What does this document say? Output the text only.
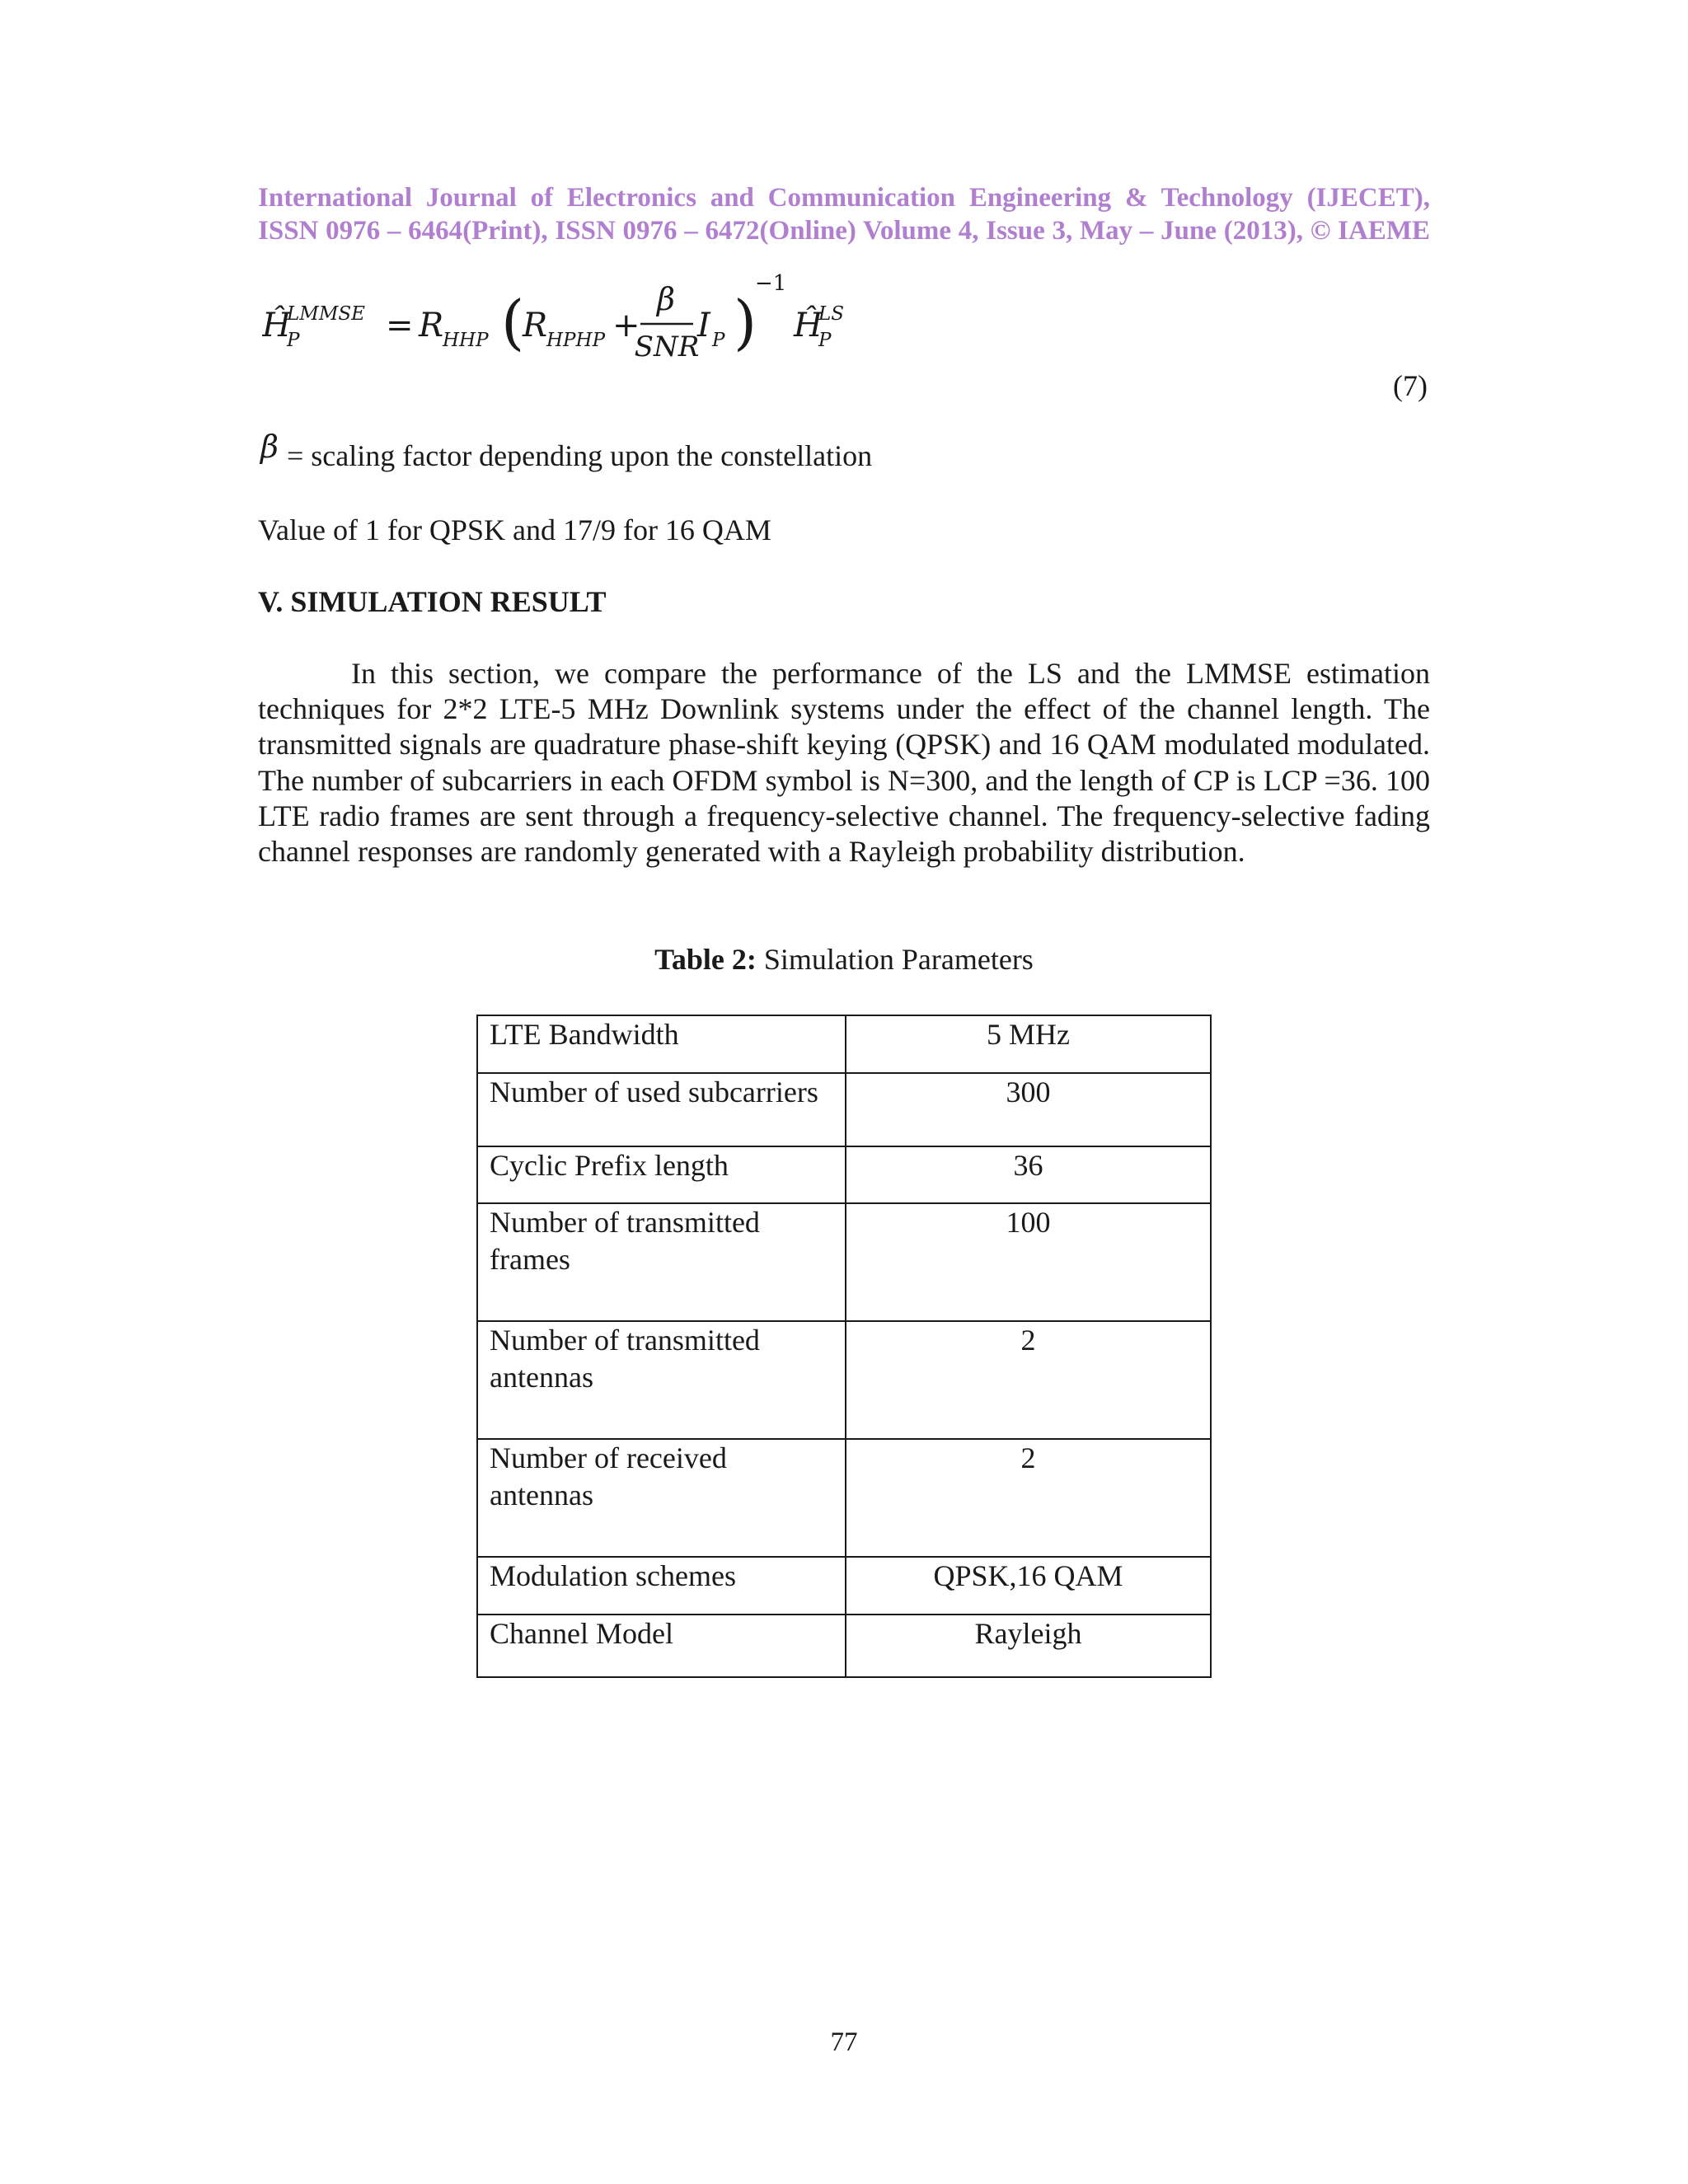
International Journal of Electronics and Communication Engineering & Technology (IJECET),
ISSN 0976 – 6464(Print), ISSN 0976 – 6472(Online) Volume 4, Issue 3, May – June (2013), © IAEME
Ĥ
LMMSE
P	= R
HHP (
R
HPHP +
β
SNR
I P )
−1
Ĥ
LS
P
(7)
β = scaling factor depending upon the constellation
Value of 1 for QPSK and 17/9 for 16 QAM
V. SIMULATION RESULT
In this section, we compare the performance of the LS and the LMMSE estimation techniques for 2*2 LTE-5 MHz Downlink systems under the effect of the channel length. The transmitted signals are quadrature phase-shift keying (QPSK) and 16 QAM modulated modulated. The number of subcarriers in each OFDM symbol is N=300, and the length of CP is LCP =36. 100 LTE radio frames are sent through a frequency-selective channel. The frequency-selective fading channel responses are randomly generated with a Rayleigh probability distribution.
Table 2: Simulation Parameters
LTE Bandwidth	5 MHz
Number of used subcarriers	300
Cyclic Prefix length	36
Number of transmitted frames	100
Number of transmitted antennas	2
Number of received antennas	2
Modulation schemes	QPSK,16 QAM
Channel Model	Rayleigh
77
